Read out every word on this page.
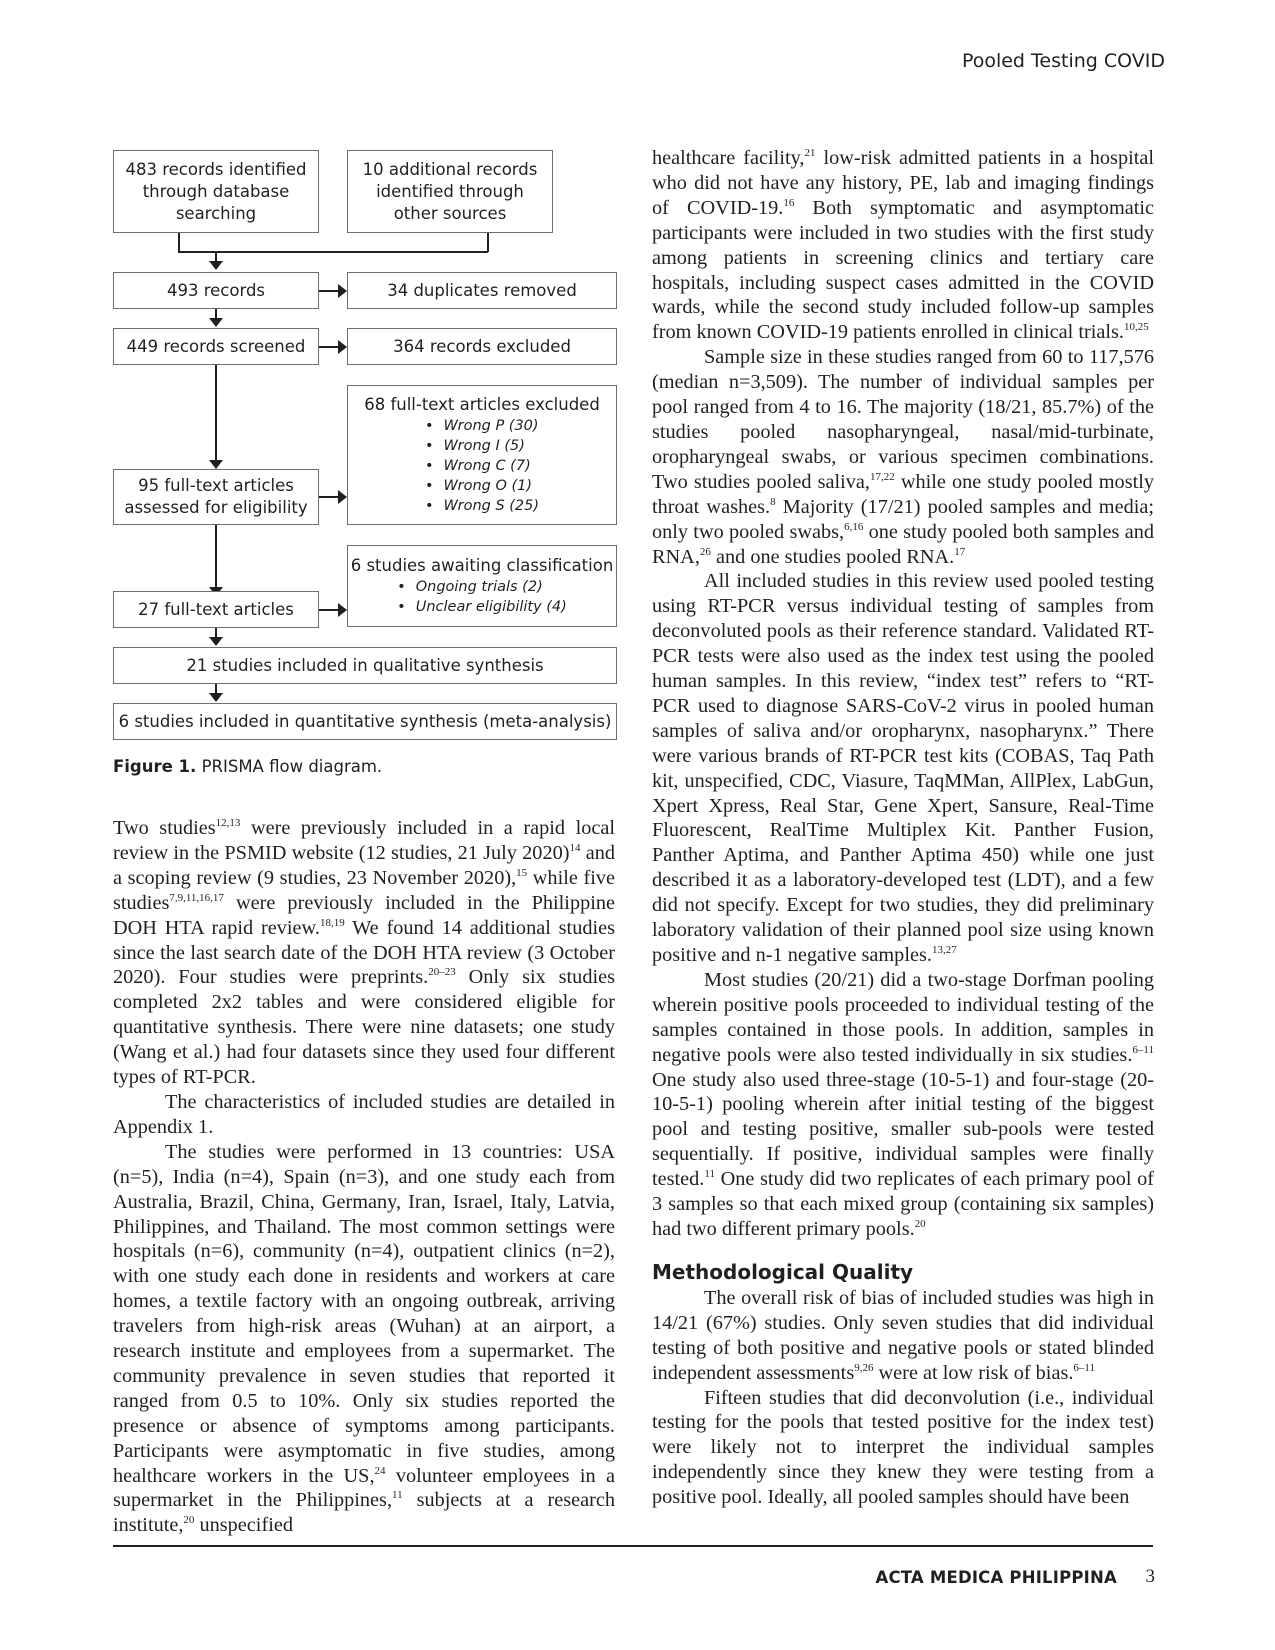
Pooled Testing COVID
483 records identified through database searching
10 additional records identified through other sources
493 records	34 duplicates removed
449 records screened	364 records excluded
68 full-text articles excluded
• Wrong P (30)
• Wrong I (5)
• Wrong C (7)
• Wrong O (1)
• Wrong S (25)
95 full-text articles assessed for eligibility
6 studies awaiting classification
• Ongoing trials (2)
• Unclear eligibility (4)
27 full-text articles
21 studies included in qualitative synthesis
6 studies included in quantitative synthesis (meta-analysis)
Figure 1. PRISMA flow diagram.

Two studies$^{12,13}$ were previously included in a rapid local review in the PSMID website (12 studies, 21 July 2020)$^{14}$ and a scoping review (9 studies, 23 November 2020),$^{15}$ while five studies$^{7,9,11,16,17}$ were previously included in the Philippine DOH HTA rapid review.$^{18,19}$ We found 14 additional studies since the last search date of the DOH HTA review (3 October 2020). Four studies were preprints.$^{20-23}$ Only six studies completed 2x2 tables and were considered eligible for quantitative synthesis. There were nine datasets; one study (Wang et al.) had four datasets since they used four different types of RT-PCR.

The characteristics of included studies are detailed in Appendix 1.

The studies were performed in 13 countries: USA (n=5), India (n=4), Spain (n=3), and one study each from Australia, Brazil, China, Germany, Iran, Israel, Italy, Latvia, Philippines, and Thailand. The most common settings were hospitals (n=6), community (n=4), outpatient clinics (n=2), with one study each done in residents and workers at care homes, a textile factory with an ongoing outbreak, arriving travelers from high-risk areas (Wuhan) at an airport, a research institute and employees from a supermarket. The community prevalence in seven studies that reported it ranged from 0.5 to 10%. Only six studies reported the presence or absence of symptoms among participants. Participants were asymptomatic in five studies, among healthcare workers in the US,$^{24}$ volunteer employees in a supermarket in the Philippines,$^{11}$ subjects at a research institute,$^{20}$ unspecified

healthcare facility,$^{21}$ low-risk admitted patients in a hospital who did not have any history, PE, lab and imaging findings of COVID-19.16 Both symptomatic and asymptomatic participants were included in two studies with the first study among patients in screening clinics and tertiary care hospitals, including suspect cases admitted in the COVID wards, while the second study included follow-up samples from known COVID-19 patients enrolled in clinical trials.$^{10,25}$

Sample size in these studies ranged from 60 to 117,576 (median n=3,509). The number of individual samples per pool ranged from 4 to 16. The majority (18/21, 85.7%) of the studies pooled nasopharyngeal, nasal/mid-turbinate, oropharyngeal swabs, or various specimen combinations. Two studies pooled saliva,$^{17,22}$ while one study pooled mostly throat washes.$^8$ Majority (17/21) pooled samples and media; only two pooled swabs,$^{6,16}$ one study pooled both samples and RNA,$^{26}$ and one studies pooled RNA.$^{17}$

All included studies in this review used pooled testing using RT-PCR versus individual testing of samples from deconvoluted pools as their reference standard. Validated RT-PCR tests were also used as the index test using the pooled human samples. In this review, “index test” refers to “RT-PCR used to diagnose SARS-CoV-2 virus in pooled human samples of saliva and/or oropharynx, nasopharynx.” There were various brands of RT-PCR test kits (COBAS, Taq Path kit, unspecified, CDC, Viasure, TaqMMan, AllPlex, LabGun, Xpert Xpress, Real Star, Gene Xpert, Sansure, Real-Time Fluorescent, RealTime Multiplex Kit. Panther Fusion, Panther Aptima, and Panther Aptima 450) while one just described it as a laboratory-developed test (LDT), and a few did not specify. Except for two studies, they did preliminary laboratory validation of their planned pool size using known positive and n-1 negative samples.$^{13,27}$

Most studies (20/21) did a two-stage Dorfman pooling wherein positive pools proceeded to individual testing of the samples contained in those pools. In addition, samples in negative pools were also tested individually in six studies.$^{6-11}$ One study also used three-stage (10-5-1) and four-stage (20-10-5-1) pooling wherein after initial testing of the biggest pool and testing positive, smaller sub-pools were tested sequentially. If positive, individual samples were finally tested.$^{11}$ One study did two replicates of each primary pool of 3 samples so that each mixed group (containing six samples) had two different primary pools.$^{20}$

Methodological Quality

The overall risk of bias of included studies was high in 14/21 (67%) studies. Only seven studies that did individual testing of both positive and negative pools or stated blinded independent assessments$^{9,26}$ were at low risk of bias.$^{6-11}$

Fifteen studies that did deconvolution (i.e., individual testing for the pools that tested positive for the index test) were likely not to interpret the individual samples independently since they knew they were testing from a positive pool. Ideally, all pooled samples should have been

ACTA MEDICA PHILIPPINA 3
